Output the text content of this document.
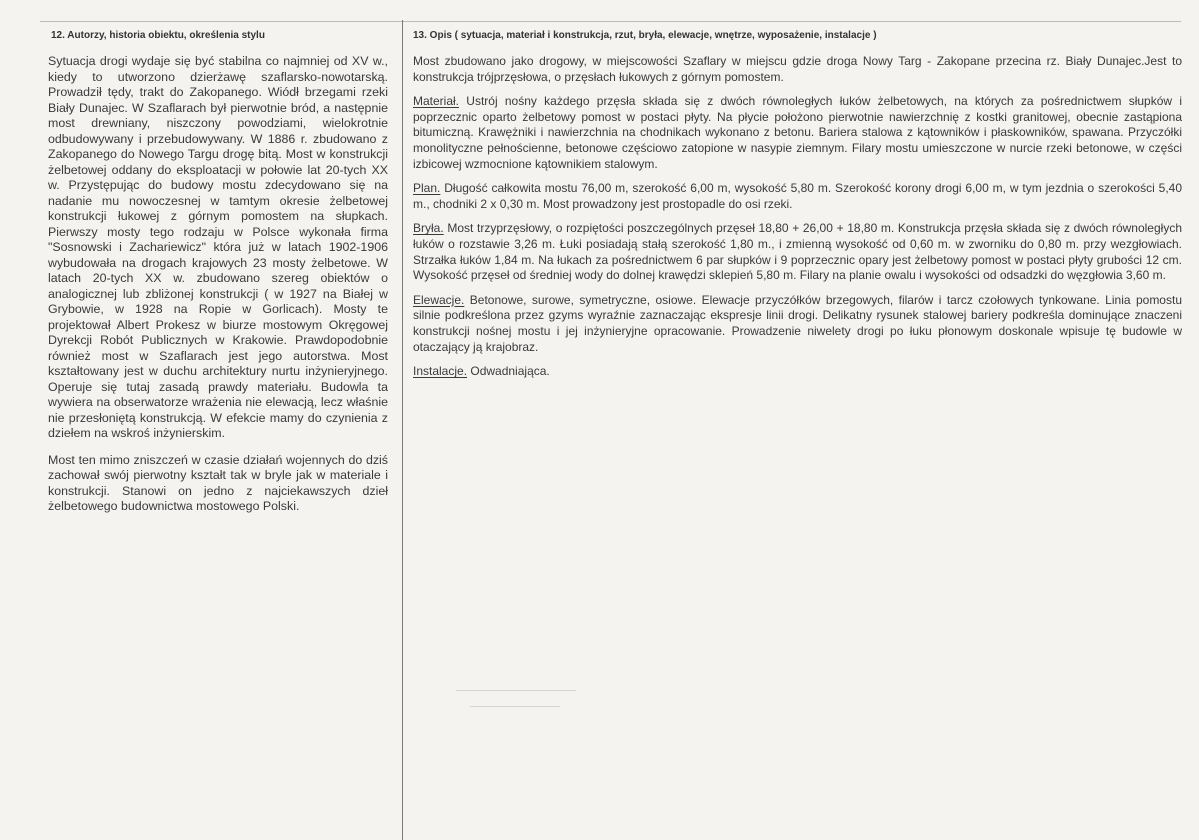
12. Autorzy, historia obiektu, określenia stylu

Sytuacja drogi wydaje się być stabilna co najmniej od XV w., kiedy to utworzono dzierżawę szaflarsko-nowotarską. Prowadził tędy, trakt do Zakopanego. Wiódł brzegami rzeki Biały Dunajec. W Szaflarach był pierwotnie bród, a następnie most drewniany, niszczony powodziami, wielokrotnie odbudowywany i przebudowywany. W 1886 r. zbudowano z Zakopanego do Nowego Targu drogę bitą. Most w konstrukcji żelbetowej oddany do eksploatacji w połowie lat 20-tych XX w. Przystępując do budowy mostu zdecydowano się na nadanie mu nowoczesnej w tamtym okresie żelbetowej konstrukcji łukowej z górnym pomostem na słupkach. Pierwszy mosty tego rodzaju w Polsce wykonała firma "Sosnowski i Zachariewicz" która już w latach 1902-1906 wybudowała na drogach krajowych 23 mosty żelbetowe. W latach 20-tych XX w. zbudowano szereg obiektów o analogicznej lub zbliżonej konstrukcji ( w 1927 na Białej w Grybowie, w 1928 na Ropie w Gorlicach). Mosty te projektował Albert Prokesz w biurze mostowym Okręgowej Dyrekcji Robót Publicznych w Krakowie. Prawdopodobnie również most w Szaflarach jest jego autorstwa. Most kształtowany jest w duchu architektury nurtu inżynieryjnego. Operuje się tutaj zasadą prawdy materiału. Budowla ta wywiera na obserwatorze wrażenia nie elewacją, lecz właśnie nie przesłoniętą konstrukcją. W efekcie mamy do czynienia z dziełem na wskroś inżynierskim.

Most ten mimo zniszczeń w czasie działań wojennych do dziś zachował swój pierwotny kształt tak w bryle jak w materiale i konstrukcji. Stanowi on jedno z najciekawszych dzieł żelbetowego budownictwa mostowego Polski.

13. Opis ( sytuacja, materiał i konstrukcja, rzut, bryła, elewacje, wnętrze, wyposażenie, instalacje )

Most zbudowano jako drogowy, w miejscowości Szaflary w miejscu gdzie droga Nowy Targ - Zakopane przecina rz. Biały Dunajec.Jest to konstrukcja trójprzęsłowa, o przęsłach łukowych z górnym pomostem.

Materiał. Ustrój nośny każdego przęsła składa się z dwóch równoległych łuków żelbetowych, na których za pośrednictwem słupków i poprzecznic oparto żelbetowy pomost w postaci płyty. Na płycie położono pierwotnie nawierzchnię z kostki granitowej, obecnie zastąpiona bitumiczną. Krawężniki i nawierzchnia na chodnikach wykonano z betonu. Bariera stalowa z kątowników i płaskowników, spawana. Przyczółki monolityczne pełnościenne, betonowe częściowo zatopione w nasypie ziemnym. Filary mostu umieszczone w nurcie rzeki betonowe, w części izbicowej wzmocnione kątownikiem stalowym.

Plan. Długość całkowita mostu 76,00 m, szerokość 6,00 m, wysokość 5,80 m. Szerokość korony drogi 6,00 m, w tym jezdnia o szerokości 5,40 m., chodniki 2 x 0,30 m. Most prowadzony jest prostopadle do osi rzeki.

Bryła. Most trzyprzęsłowy, o rozpiętości poszczególnych przęseł 18,80 + 26,00 + 18,80 m. Konstrukcja przęsła składa się z dwóch równoległych łuków o rozstawie 3,26 m. Łuki posiadają stałą szerokość 1,80 m., i zmienną wysokość od 0,60 m. w zworniku do 0,80 m. przy wezgłowiach. Strzałka łuków 1,84 m. Na łukach za pośrednictwem 6 par słupków i 9 poprzecznic opary jest żelbetowy pomost w postaci płyty grubości 12 cm. Wysokość przęseł od średniej wody do dolnej krawędzi sklepień 5,80 m. Filary na planie owalu i wysokości od odsadzki do węzgłowia 3,60 m.

Elewacje. Betonowe, surowe, symetryczne, osiowe. Elewacje przyczółków brzegowych, filarów i tarcz czołowych tynkowane. Linia pomostu silnie podkreślona przez gzyms wyraźnie zaznaczając ekspresje linii drogi. Delikatny rysunek stalowej bariery podkreśla dominujące znaczeni konstrukcji nośnej mostu i jej inżynieryjne opracowanie. Prowadzenie niwelety drogi po łuku płonowym doskonale wpisuje tę budowle w otaczający ją krajobraz.

Instalacje. Odwadniająca.
